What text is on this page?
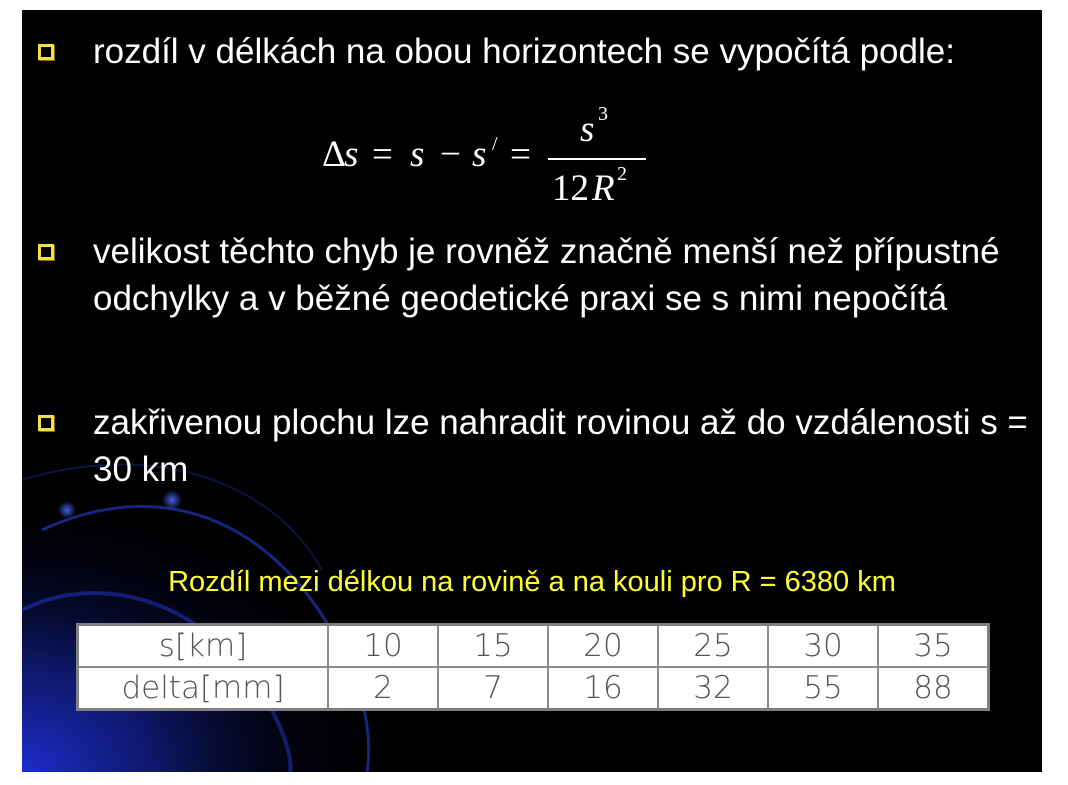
rozdíl v délkách na obou horizontech se vypočítá podle:
Δ
s = s − s / =
s 3
12 R 2
velikost těchto chyb je rovněž značně menší než přípustné odchylky a v běžné geodetické praxi se s nimi nepočítá
zakřivenou plochu lze nahradit rovinou až do vzdálenosti s = 30 km
Rozdíl mezi délkou na rovině a na kouli pro R = 6380 km
s[km]	10	15	20	25	30	35
delta[mm]	2	7	16	32	55	88
